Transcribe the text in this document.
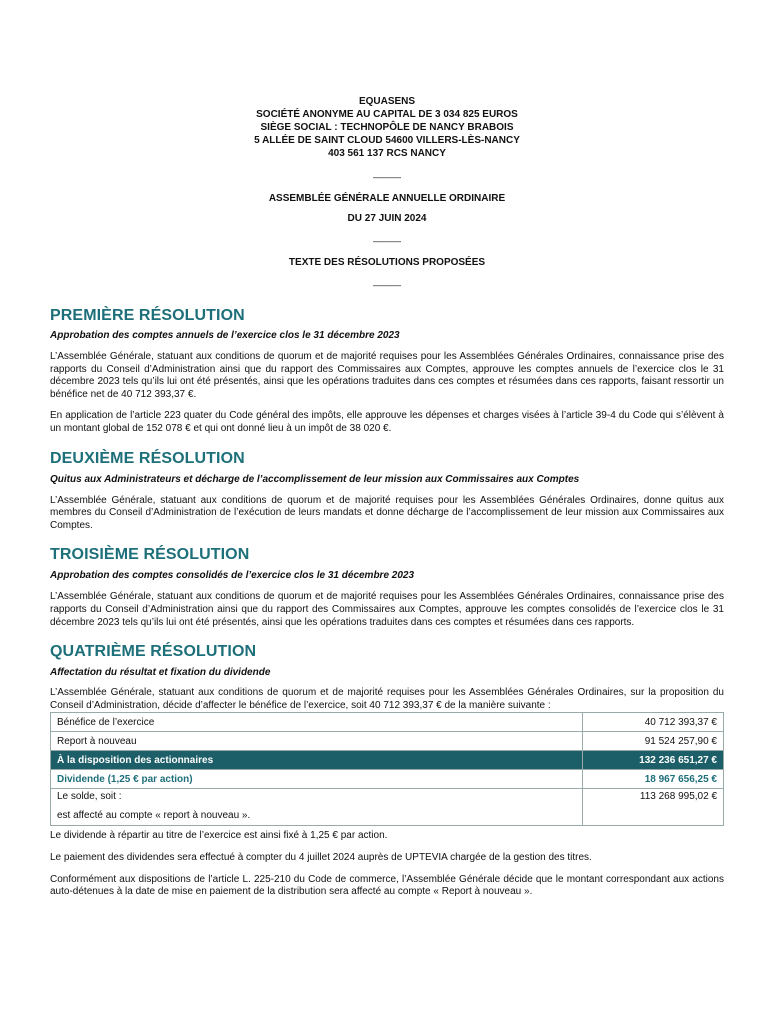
EQUASENS
SOCIÉTÉ ANONYME AU CAPITAL DE 3 034 825 EUROS
SIÈGE SOCIAL : TECHNOPÔLE DE NANCY BRABOIS
5 ALLÉE DE SAINT CLOUD 54600 VILLERS-LÈS-NANCY
403 561 137 RCS NANCY
_____
ASSEMBLÉE GÉNÉRALE ANNUELLE ORDINAIRE
DU 27 JUIN 2024
_____
TEXTE DES RÉSOLUTIONS PROPOSÉES
_____
PREMIÈRE RÉSOLUTION

Approbation des comptes annuels de l’exercice clos le 31 décembre 2023

L’Assemblée Générale, statuant aux conditions de quorum et de majorité requises pour les Assemblées Générales Ordinaires, connaissance prise des rapports du Conseil d’Administration ainsi que du rapport des Commissaires aux Comptes, approuve les comptes annuels de l’exercice clos le 31 décembre 2023 tels qu’ils lui ont été présentés, ainsi que les opérations traduites dans ces comptes et résumées dans ces rapports, faisant ressortir un bénéfice net de 40 712 393,37 €.

En application de l’article 223 quater du Code général des impôts, elle approuve les dépenses et charges visées à l’article 39-4 du Code qui s’élèvent à un montant global de 152 078 € et qui ont donné lieu à un impôt de 38 020 €.

DEUXIÈME RÉSOLUTION

Quitus aux Administrateurs et décharge de l’accomplissement de leur mission aux Commissaires aux Comptes

L’Assemblée Générale, statuant aux conditions de quorum et de majorité requises pour les Assemblées Générales Ordinaires, donne quitus aux membres du Conseil d’Administration de l’exécution de leurs mandats et donne décharge de l’accomplissement de leur mission aux Commissaires aux Comptes.

TROISIÈME RÉSOLUTION

Approbation des comptes consolidés de l’exercice clos le 31 décembre 2023

L’Assemblée Générale, statuant aux conditions de quorum et de majorité requises pour les Assemblées Générales Ordinaires, connaissance prise des rapports du Conseil d’Administration ainsi que du rapport des Commissaires aux Comptes, approuve les comptes consolidés de l’exercice clos le 31 décembre 2023 tels qu’ils lui ont été présentés, ainsi que les opérations traduites dans ces comptes et résumées dans ces rapports.

QUATRIÈME RÉSOLUTION

Affectation du résultat et fixation du dividende

L’Assemblée Générale, statuant aux conditions de quorum et de majorité requises pour les Assemblées Générales Ordinaires, sur la proposition du Conseil d’Administration, décide d’affecter le bénéfice de l’exercice, soit 40 712 393,37 € de la manière suivante :

Bénéfice de l’exercice	40 712 393,37 €
Report à nouveau	91 524 257,90 €
À la disposition des actionnaires	132 236 651,27 €
Dividende (1,25 € par action)	18 967 656,25 €

Le solde, soit :
est affecté au compte « report à nouveau ».	113 268 995,02 €

Le dividende à répartir au titre de l’exercice est ainsi fixé à 1,25 € par action.

Le paiement des dividendes sera effectué à compter du 4 juillet 2024 auprès de UPTEVIA chargée de la gestion des titres.

Conformément aux dispositions de l’article L. 225-210 du Code de commerce, l’Assemblée Générale décide que le montant correspondant aux actions auto-détenues à la date de mise en paiement de la distribution sera affecté au compte « Report à nouveau ».
